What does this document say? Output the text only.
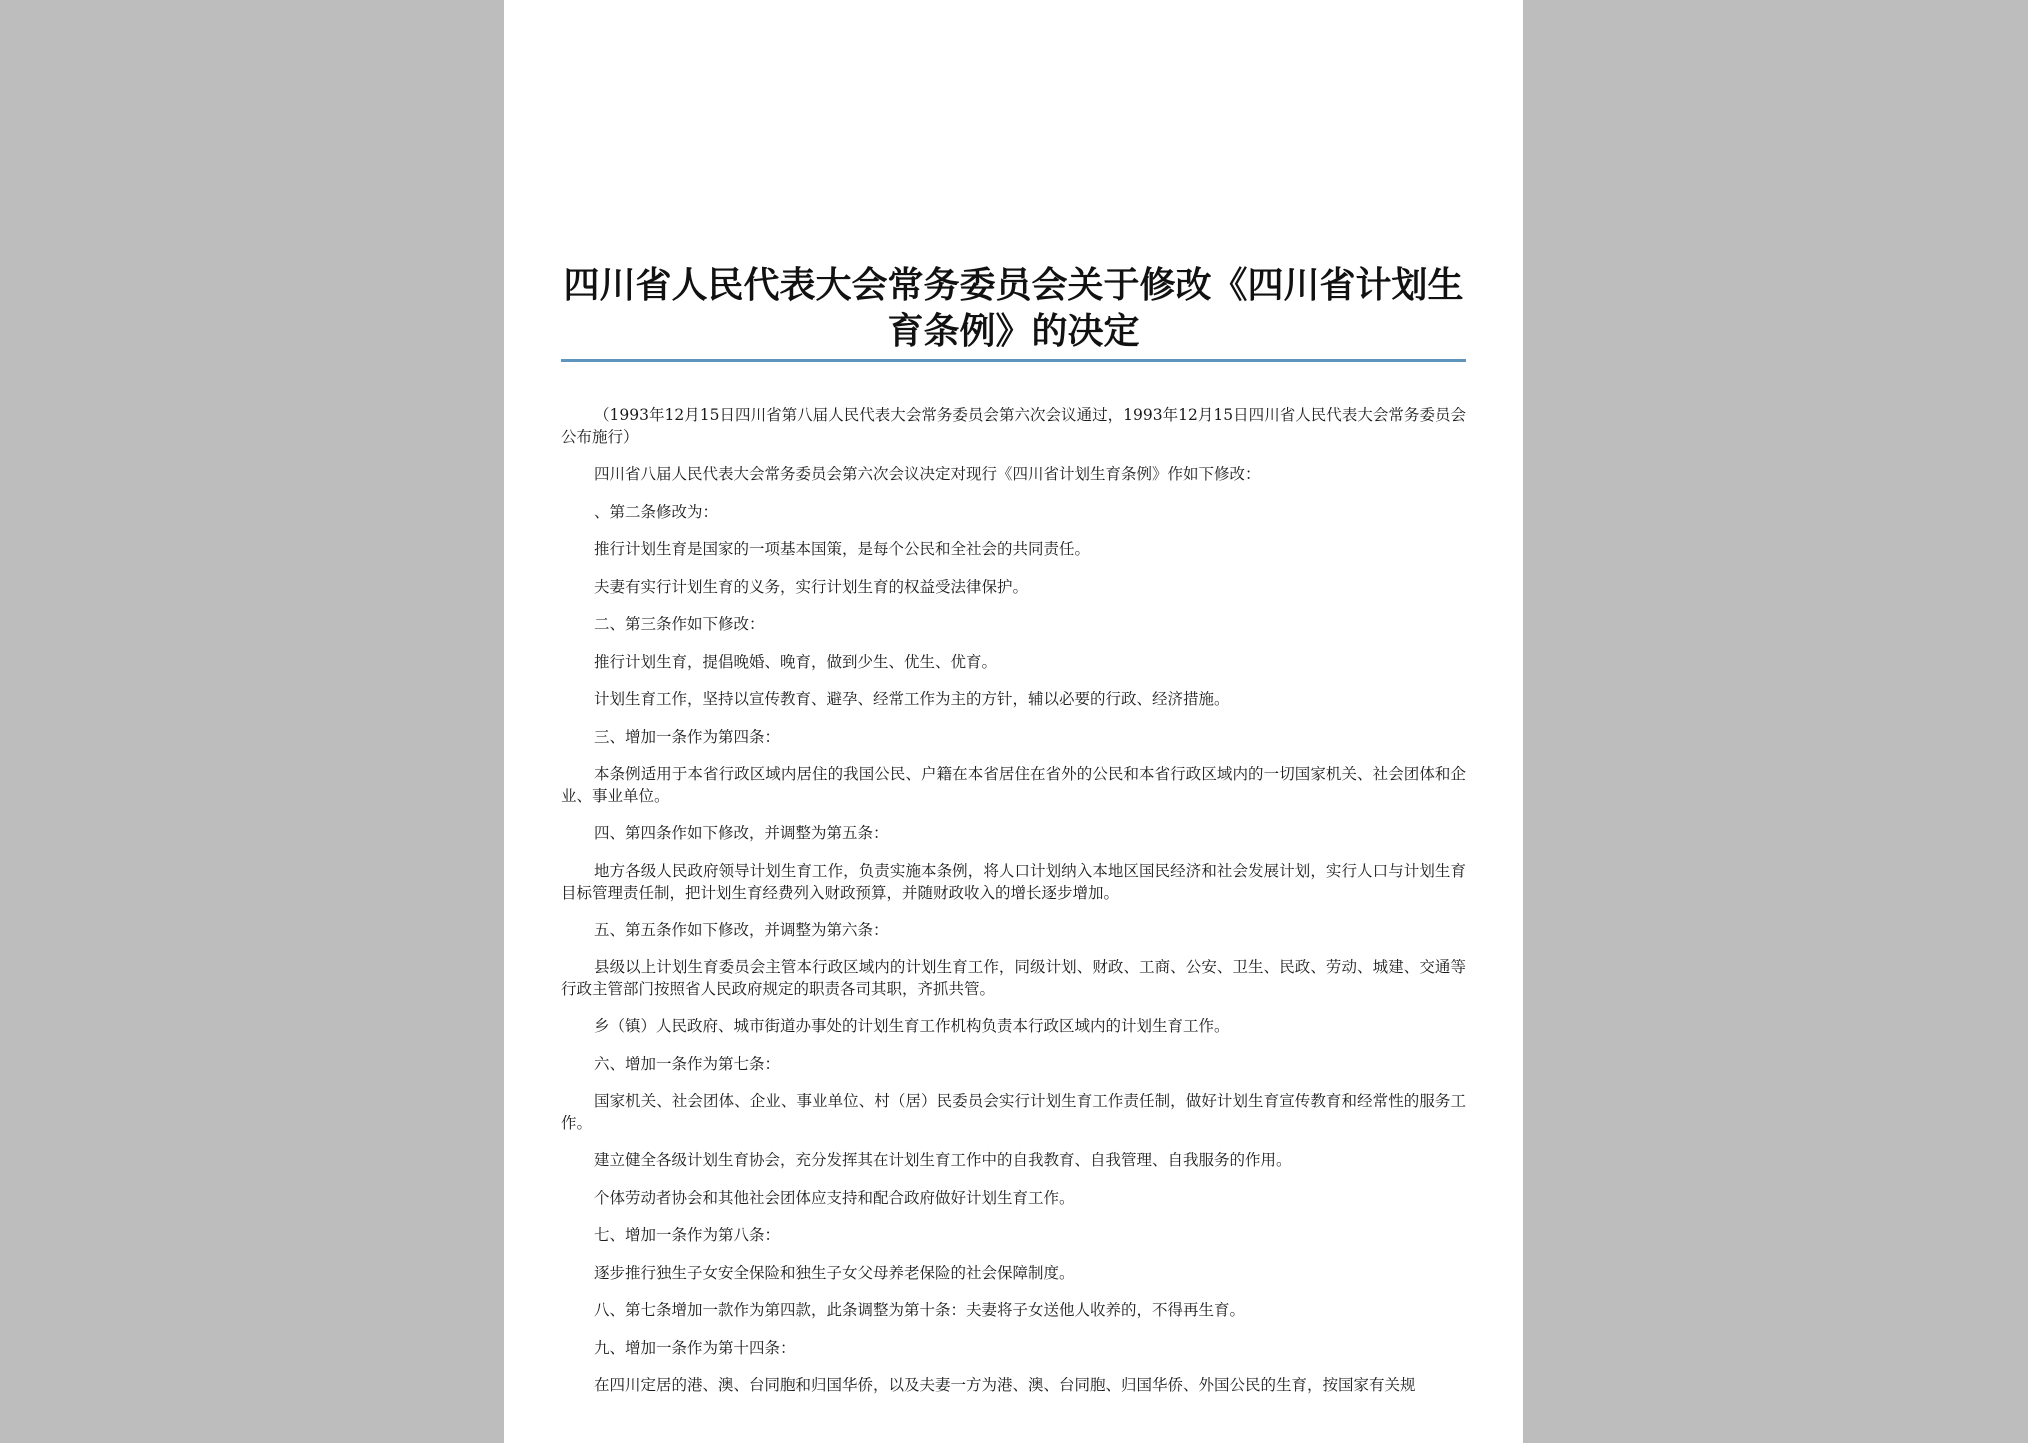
四川省人民代表大会常务委员会关于修改《四川省计划生育条例》的决定

（1993年12月15日四川省第八届人民代表大会常务委员会第六次会议通过，1993年12月15日四川省人民代表大会常务委员会公布施行）

四川省八届人民代表大会常务委员会第六次会议决定对现行《四川省计划生育条例》作如下修改：

、第二条修改为：

推行计划生育是国家的一项基本国策，是每个公民和全社会的共同责任。

夫妻有实行计划生育的义务，实行计划生育的权益受法律保护。

二、第三条作如下修改：

推行计划生育，提倡晚婚、晚育，做到少生、优生、优育。

计划生育工作，坚持以宣传教育、避孕、经常工作为主的方针，辅以必要的行政、经济措施。

三、增加一条作为第四条：

本条例适用于本省行政区域内居住的我国公民、户籍在本省居住在省外的公民和本省行政区域内的一切国家机关、社会团体和企业、事业单位。

四、第四条作如下修改，并调整为第五条：

地方各级人民政府领导计划生育工作，负责实施本条例，将人口计划纳入本地区国民经济和社会发展计划，实行人口与计划生育目标管理责任制，把计划生育经费列入财政预算，并随财政收入的增长逐步增加。

五、第五条作如下修改，并调整为第六条：

县级以上计划生育委员会主管本行政区域内的计划生育工作，同级计划、财政、工商、公安、卫生、民政、劳动、城建、交通等行政主管部门按照省人民政府规定的职责各司其职，齐抓共管。

乡（镇）人民政府、城市街道办事处的计划生育工作机构负责本行政区域内的计划生育工作。

六、增加一条作为第七条：

国家机关、社会团体、企业、事业单位、村（居）民委员会实行计划生育工作责任制，做好计划生育宣传教育和经常性的服务工作。

建立健全各级计划生育协会，充分发挥其在计划生育工作中的自我教育、自我管理、自我服务的作用。

个体劳动者协会和其他社会团体应支持和配合政府做好计划生育工作。

七、增加一条作为第八条：

逐步推行独生子女安全保险和独生子女父母养老保险的社会保障制度。

八、第七条增加一款作为第四款，此条调整为第十条：夫妻将子女送他人收养的，不得再生育。

九、增加一条作为第十四条：

在四川定居的港、澳、台同胞和归国华侨，以及夫妻一方为港、澳、台同胞、归国华侨、外国公民的生育，按国家有关规
